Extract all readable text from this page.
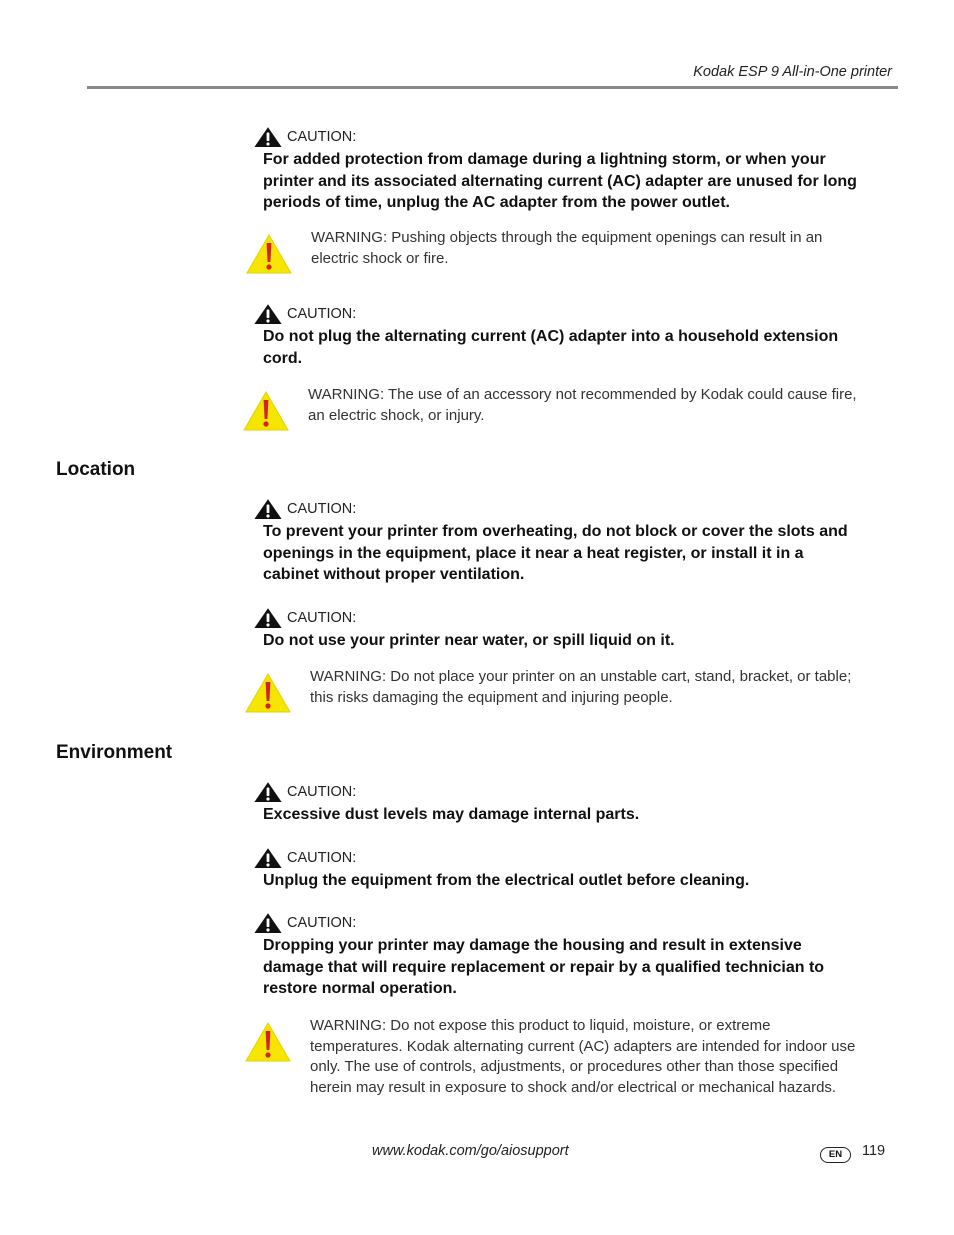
Kodak ESP 9 All-in-One printer
CAUTION:
For added protection from damage during a lightning storm, or when your printer and its associated alternating current (AC) adapter are unused for long periods of time, unplug the AC adapter from the power outlet.
WARNING: Pushing objects through the equipment openings can result in an electric shock or fire.
CAUTION:
Do not plug the alternating current (AC) adapter into a household extension cord.
WARNING: The use of an accessory not recommended by Kodak could cause fire, an electric shock, or injury.
Location
CAUTION:
To prevent your printer from overheating, do not block or cover the slots and openings in the equipment, place it near a heat register, or install it in a cabinet without proper ventilation.
CAUTION:
Do not use your printer near water, or spill liquid on it.
WARNING: Do not place your printer on an unstable cart, stand, bracket, or table; this risks damaging the equipment and injuring people.
Environment
CAUTION:
Excessive dust levels may damage internal parts.
CAUTION:
Unplug the equipment from the electrical outlet before cleaning.
CAUTION:
Dropping your printer may damage the housing and result in extensive damage that will require replacement or repair by a qualified technician to restore normal operation.
WARNING: Do not expose this product to liquid, moisture, or extreme temperatures. Kodak alternating current (AC) adapters are intended for indoor use only. The use of controls, adjustments, or procedures other than those specified herein may result in exposure to shock and/or electrical or mechanical hazards.
www.kodak.com/go/aiosupport	EN	119
